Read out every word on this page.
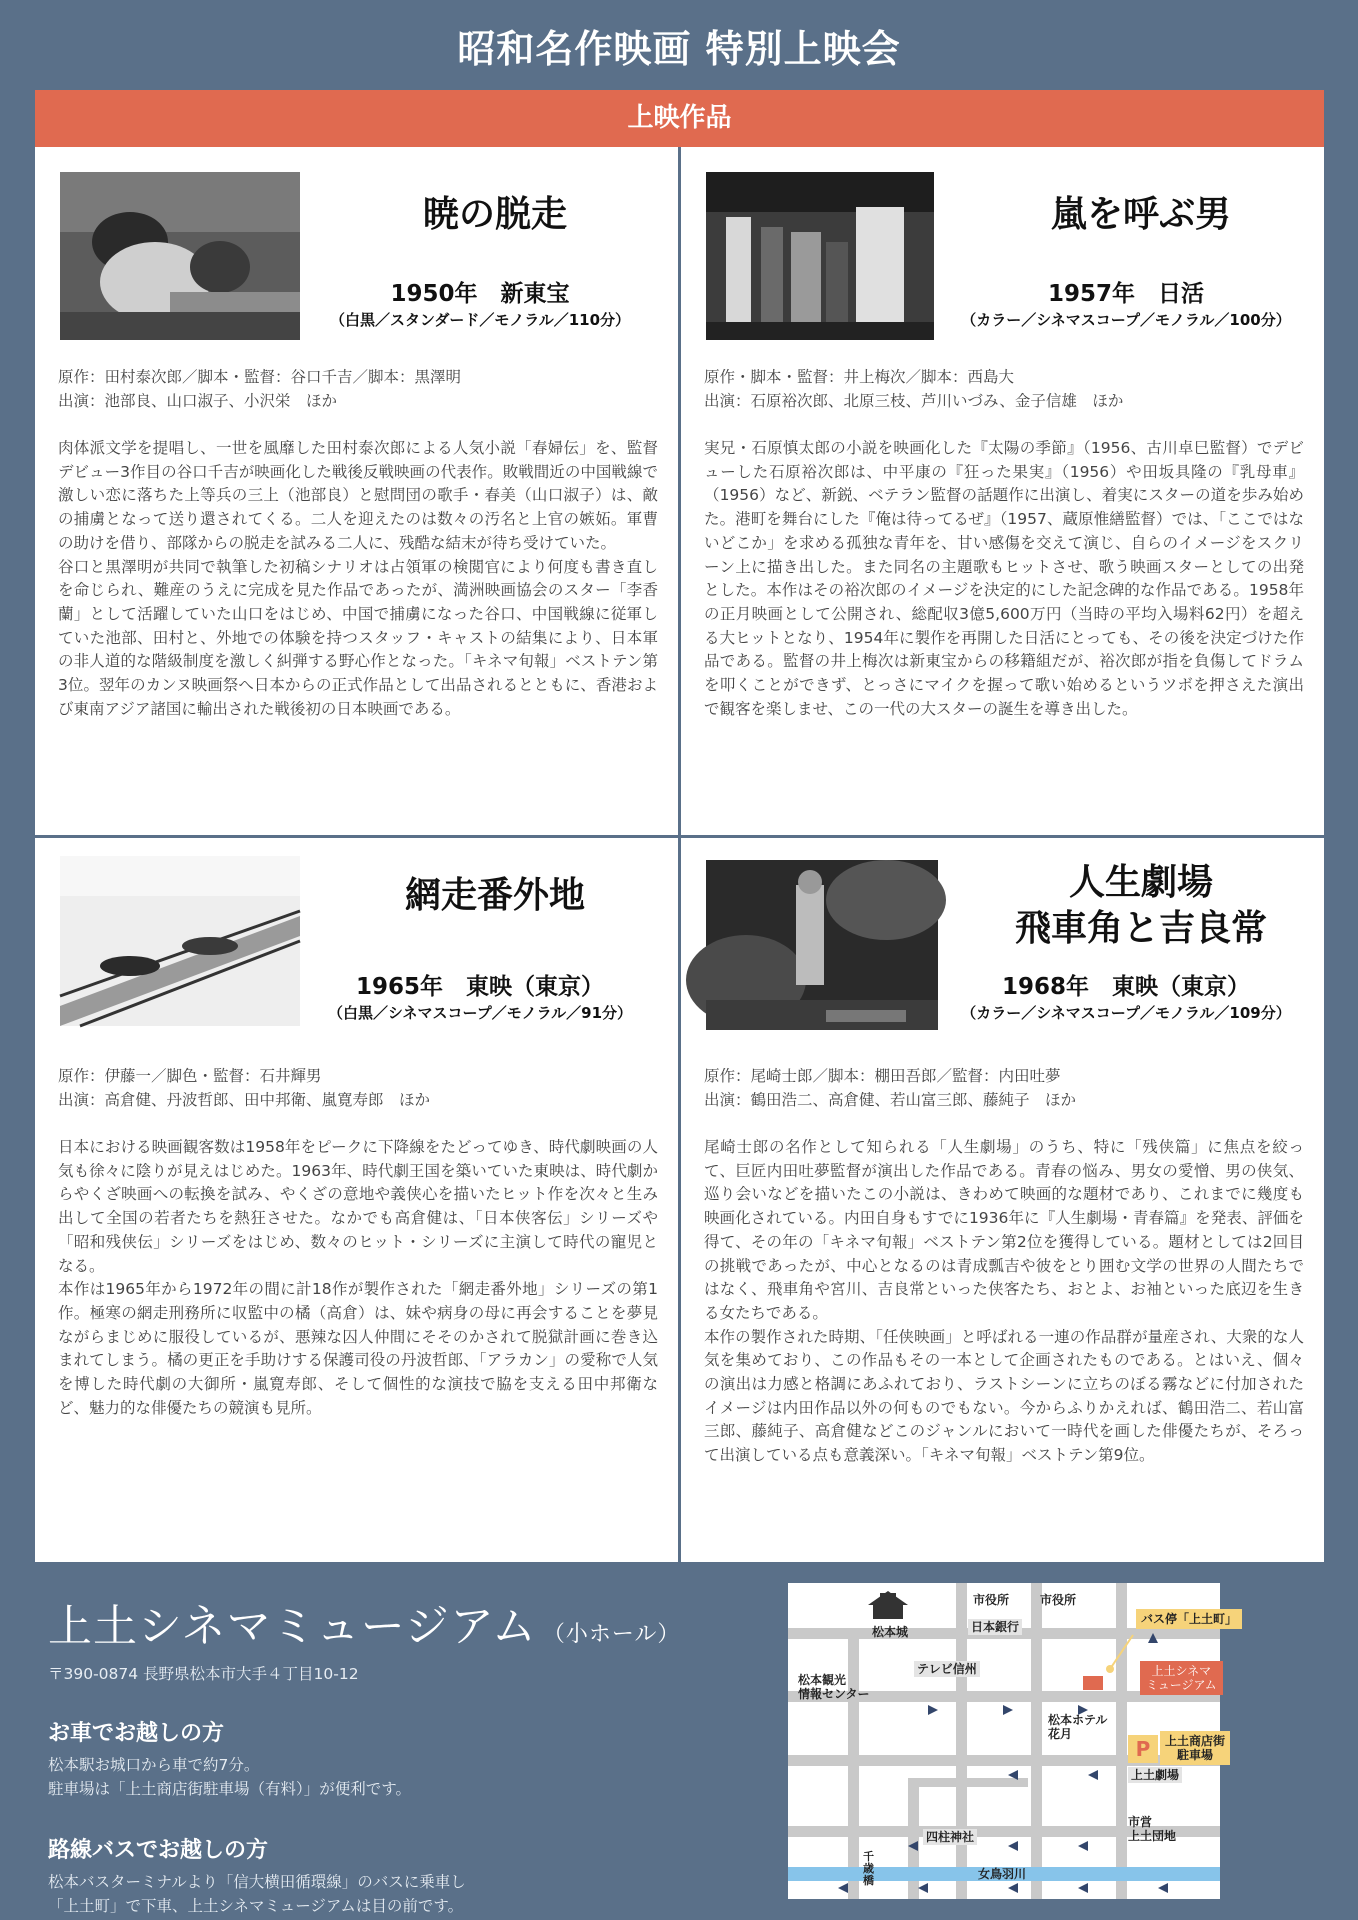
昭和名作映画 特別上映会
上映作品
暁の脱走
1950年　新東宝
（白黒／スタンダード／モノラル／110分）
原作：田村泰次郎／脚本・監督：谷口千吉／脚本：黒澤明
出演：池部良、山口淑子、小沢栄　ほか

肉体派文学を提唱し、一世を風靡した田村泰次郎による人気小説「春婦伝」を、監督デビュー3作目の谷口千吉が映画化した戦後反戦映画の代表作。敗戦間近の中国戦線で激しい恋に落ちた上等兵の三上（池部良）と慰問団の歌手・春美（山口淑子）は、敵の捕虜となって送り還されてくる。二人を迎えたのは数々の汚名と上官の嫉妬。軍曹の助けを借り、部隊からの脱走を試みる二人に、残酷な結末が待ち受けていた。

谷口と黒澤明が共同で執筆した初稿シナリオは占領軍の検閲官により何度も書き直しを命じられ、難産のうえに完成を見た作品であったが、満洲映画協会のスター「李香蘭」として活躍していた山口をはじめ、中国で捕虜になった谷口、中国戦線に従軍していた池部、田村と、外地での体験を持つスタッフ・キャストの結集により、日本軍の非人道的な階級制度を激しく糾弾する野心作となった。「キネマ旬報」ベストテン第3位。翌年のカンヌ映画祭へ日本からの正式作品として出品されるとともに、香港および東南アジア諸国に輸出された戦後初の日本映画である。

嵐を呼ぶ男
1957年　日活
（カラー／シネマスコープ／モノラル／100分）
原作・脚本・監督：井上梅次／脚本：西島大
出演：石原裕次郎、北原三枝、芦川いづみ、金子信雄　ほか

実兄・石原慎太郎の小説を映画化した『太陽の季節』（1956、古川卓巳監督）でデビューした石原裕次郎は、中平康の『狂った果実』（1956）や田坂具隆の『乳母車』（1956）など、新鋭、ベテラン監督の話題作に出演し、着実にスターの道を歩み始めた。港町を舞台にした『俺は待ってるぜ』（1957、蔵原惟繕監督）では、「ここではないどこか」を求める孤独な青年を、甘い感傷を交えて演じ、自らのイメージをスクリーン上に描き出した。また同名の主題歌もヒットさせ、歌う映画スターとしての出発とした。本作はその裕次郎のイメージを決定的にした記念碑的な作品である。1958年の正月映画として公開され、総配収3億5,600万円（当時の平均入場料62円）を超える大ヒットとなり、1954年に製作を再開した日活にとっても、その後を決定づけた作品である。監督の井上梅次は新東宝からの移籍組だが、裕次郎が指を負傷してドラムを叩くことができず、とっさにマイクを握って歌い始めるというツボを押さえた演出で観客を楽しませ、この一代の大スターの誕生を導き出した。

網走番外地
1965年　東映（東京）
（白黒／シネマスコープ／モノラル／91分）
原作：伊藤一／脚色・監督：石井輝男
出演：高倉健、丹波哲郎、田中邦衛、嵐寛寿郎　ほか

日本における映画観客数は1958年をピークに下降線をたどってゆき、時代劇映画の人気も徐々に陰りが見えはじめた。1963年、時代劇王国を築いていた東映は、時代劇からやくざ映画への転換を試み、やくざの意地や義侠心を描いたヒット作を次々と生み出して全国の若者たちを熱狂させた。なかでも高倉健は、「日本侠客伝」シリーズや「昭和残侠伝」シリーズをはじめ、数々のヒット・シリーズに主演して時代の寵児となる。

本作は1965年から1972年の間に計18作が製作された「網走番外地」シリーズの第1作。極寒の網走刑務所に収監中の橘（高倉）は、妹や病身の母に再会することを夢見ながらまじめに服役しているが、悪辣な囚人仲間にそそのかされて脱獄計画に巻き込まれてしまう。橘の更正を手助けする保護司役の丹波哲郎、「アラカン」の愛称で人気を博した時代劇の大御所・嵐寛寿郎、そして個性的な演技で脇を支える田中邦衛など、魅力的な俳優たちの競演も見所。

人生劇場
飛車角と吉良常
1968年　東映（東京）
（カラー／シネマスコープ／モノラル／109分）
原作：尾崎士郎／脚本：棚田吾郎／監督：内田吐夢
出演：鶴田浩二、高倉健、若山富三郎、藤純子　ほか

尾崎士郎の名作として知られる「人生劇場」のうち、特に「残侠篇」に焦点を絞って、巨匠内田吐夢監督が演出した作品である。青春の悩み、男女の愛憎、男の侠気、巡り会いなどを描いたこの小説は、きわめて映画的な題材であり、これまでに幾度も映画化されている。内田自身もすでに1936年に『人生劇場・青春篇』を発表、評価を得て、その年の「キネマ旬報」ベストテン第2位を獲得している。題材としては2回目の挑戦であったが、中心となるのは青成瓢吉や彼をとり囲む文学の世界の人間たちではなく、飛車角や宮川、吉良常といった侠客たち、おとよ、お袖といった底辺を生きる女たちである。

本作の製作された時期、「任侠映画」と呼ばれる一連の作品群が量産され、大衆的な人気を集めており、この作品もその一本として企画されたものである。とはいえ、個々の演出は力感と格調にあふれており、ラストシーンに立ちのぼる霧などに付加されたイメージは内田作品以外の何ものでもない。今からふりかえれば、鶴田浩二、若山富三郎、藤純子、高倉健などこのジャンルにおいて一時代を画した俳優たちが、そろって出演している点も意義深い。「キネマ旬報」ベストテン第9位。

上土シネマミュージアム （小ホール）
〒390-0874 長野県松本市大手４丁目10-12
お車でお越しの方
松本駅お城口から車で約7分。
駐車場は「上土商店街駐車場（有料）」が便利です。
路線バスでお越しの方
松本バスターミナルより「信大横田循環線」のバスに乗車し
「上土町」で下車、上土シネマミュージアムは目の前です。
松本城
市役所	市役所
日本銀行
バス停「上土町」
テレビ信州
松本観光
情報センター
上土シネマ
ミュージアム
松本ホテル
花月
P	上土商店街
駐車場
上土劇場
市営
上土団地
四柱神社
千
歳
橋	女鳥羽川
